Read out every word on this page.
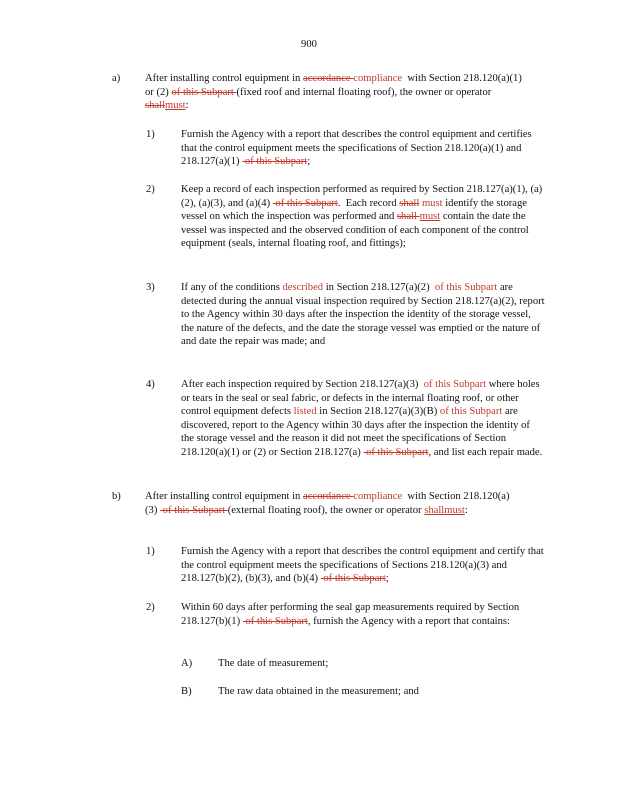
900
a) After installing control equipment in accordance compliance  with Section 218.120(a)(1) or (2) of this Subpart (fixed roof and internal floating roof), the owner or operator shallmust:
1) Furnish the Agency with a report that describes the control equipment and certifies that the control equipment meets the specifications of Section 218.120(a)(1) and 218.127(a)(1)  of this Subpart;
2) Keep a record of each inspection performed as required by Section 218.127(a)(1), (a)(2), (a)(3), and (a)(4)  of this Subpart.  Each record shall must identify the storage vessel on which the inspection was performed and shall must contain the date the vessel was inspected and the observed condition of each component of the control equipment (seals, internal floating roof, and fittings);
3) If any of the conditions described in Section 218.127(a)(2)  of this Subpart are detected during the annual visual inspection required by Section 218.127(a)(2), report to the Agency within 30 days after the inspection the identity of the storage vessel, the nature of the defects, and the date the storage vessel was emptied or the nature of and date the repair was made; and
4) After each inspection required by Section 218.127(a)(3)  of this Subpart where holes or tears in the seal or seal fabric, or defects in the internal floating roof, or other control equipment defects listed in Section 218.127(a)(3)(B) of this Subpart are discovered, report to the Agency within 30 days after the inspection the identity of the storage vessel and the reason it did not meet the specifications of Section 218.120(a)(1) or (2) or Section 218.127(a)  of this Subpart, and list each repair made.
b) After installing control equipment in accordance compliance  with Section 218.120(a)(3)  of this Subpart (external floating roof), the owner or operator shallmust:
1) Furnish the Agency with a report that describes the control equipment and certify that the control equipment meets the specifications of Sections 218.120(a)(3) and 218.127(b)(2), (b)(3), and (b)(4)  of this Subpart;
2) Within 60 days after performing the seal gap measurements required by Section 218.127(b)(1)  of this Subpart, furnish the Agency with a report that contains:
A) The date of measurement;
B) The raw data obtained in the measurement; and
